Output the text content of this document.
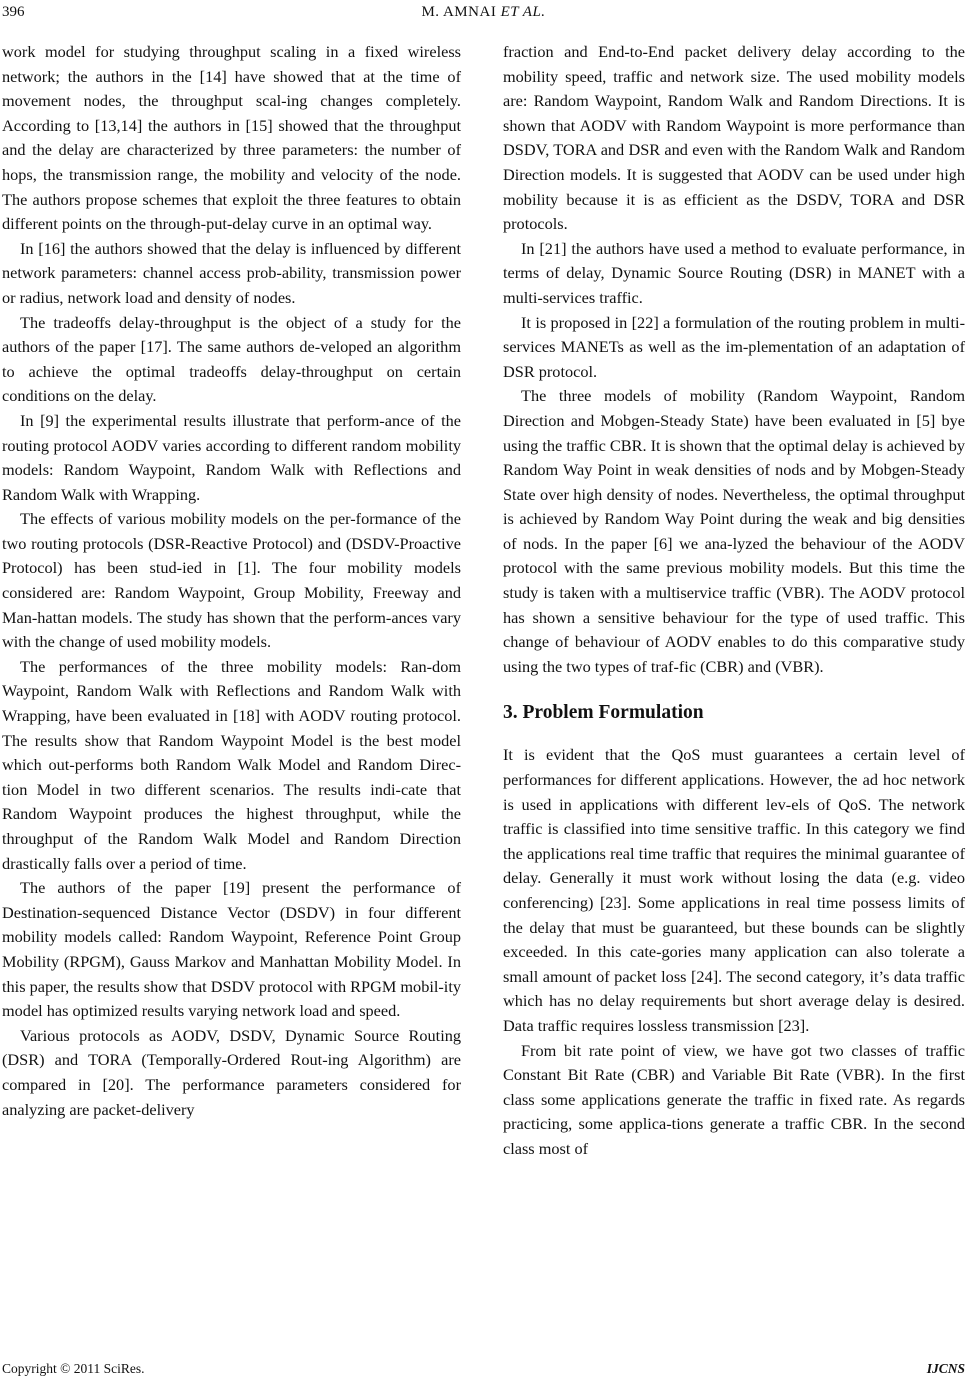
396	M. AMNAI ET AL.

work model for studying throughput scaling in a fixed wireless network; the authors in the [14] have showed that at the time of movement nodes, the throughput scal-ing changes completely. According to [13,14] the authors in [15] showed that the throughput and the delay are characterized by three parameters: the number of hops, the transmission range, the mobility and velocity of the node. The authors propose schemes that exploit the three features to obtain different points on the through-put-delay curve in an optimal way.

In [16] the authors showed that the delay is influenced by different network parameters: channel access prob-ability, transmission power or radius, network load and density of nodes.

The tradeoffs delay-throughput is the object of a study for the authors of the paper [17]. The same authors de-veloped an algorithm to achieve the optimal tradeoffs delay-throughput on certain conditions on the delay.

In [9] the experimental results illustrate that perform-ance of the routing protocol AODV varies according to different random mobility models: Random Waypoint, Random Walk with Reflections and Random Walk with Wrapping.

The effects of various mobility models on the per-formance of the two routing protocols (DSR-Reactive Protocol) and (DSDV-Proactive Protocol) has been stud-ied in [1]. The four mobility models considered are: Random Waypoint, Group Mobility, Freeway and Man-hattan models. The study has shown that the perform-ances vary with the change of used mobility models.

The performances of the three mobility models: Ran-dom Waypoint, Random Walk with Reflections and Random Walk with Wrapping, have been evaluated in [18] with AODV routing protocol. The results show that Random Waypoint Model is the best model which out-performs both Random Walk Model and Random Direc-tion Model in two different scenarios. The results indi-cate that Random Waypoint produces the highest throughput, while the throughput of the Random Walk Model and Random Direction drastically falls over a period of time.

The authors of the paper [19] present the performance of Destination-sequenced Distance Vector (DSDV) in four different mobility models called: Random Waypoint, Reference Point Group Mobility (RPGM), Gauss Markov and Manhattan Mobility Model. In this paper, the results show that DSDV protocol with RPGM mobil-ity model has optimized results varying network load and speed.

Various protocols as AODV, DSDV, Dynamic Source Routing (DSR) and TORA (Temporally-Ordered Rout-ing Algorithm) are compared in [20]. The performance parameters considered for analyzing are packet-delivery

fraction and End-to-End packet delivery delay according to the mobility speed, traffic and network size. The used mobility models are: Random Waypoint, Random Walk and Random Directions. It is shown that AODV with Random Waypoint is more performance than DSDV, TORA and DSR and even with the Random Walk and Random Direction models. It is suggested that AODV can be used under high mobility because it is as efficient as the DSDV, TORA and DSR protocols.

In [21] the authors have used a method to evaluate performance, in terms of delay, Dynamic Source Routing (DSR) in MANET with a multi-services traffic.

It is proposed in [22] a formulation of the routing problem in multi-services MANETs as well as the im-plementation of an adaptation of DSR protocol.

The three models of mobility (Random Waypoint, Random Direction and Mobgen-Steady State) have been evaluated in [5] bye using the traffic CBR. It is shown that the optimal delay is achieved by Random Way Point in weak densities of nods and by Mobgen-Steady State over high density of nodes. Nevertheless, the optimal throughput is achieved by Random Way Point during the weak and big densities of nods. In the paper [6] we ana-lyzed the behaviour of the AODV protocol with the same previous mobility models. But this time the study is taken with a multiservice traffic (VBR). The AODV protocol has shown a sensitive behaviour for the type of used traffic. This change of behaviour of AODV enables to do this comparative study using the two types of traf-fic (CBR) and (VBR).

3. Problem Formulation

It is evident that the QoS must guarantees a certain level of performances for different applications. However, the ad hoc network is used in applications with different lev-els of QoS. The network traffic is classified into time sensitive traffic. In this category we find the applications real time traffic that requires the minimal guarantee of delay. Generally it must work without losing the data (e.g. video conferencing) [23]. Some applications in real time possess limits of the delay that must be guaranteed, but these bounds can be slightly exceeded. In this cate-gories many application can also tolerate a small amount of packet loss [24]. The second category, it’s data traffic which has no delay requirements but short average delay is desired. Data traffic requires lossless transmission [23].

From bit rate point of view, we have got two classes of traffic Constant Bit Rate (CBR) and Variable Bit Rate (VBR). In the first class some applications generate the traffic in fixed rate. As regards practicing, some applica-tions generate a traffic CBR. In the second class most of

Copyright © 2011 SciRes.	IJCNS
